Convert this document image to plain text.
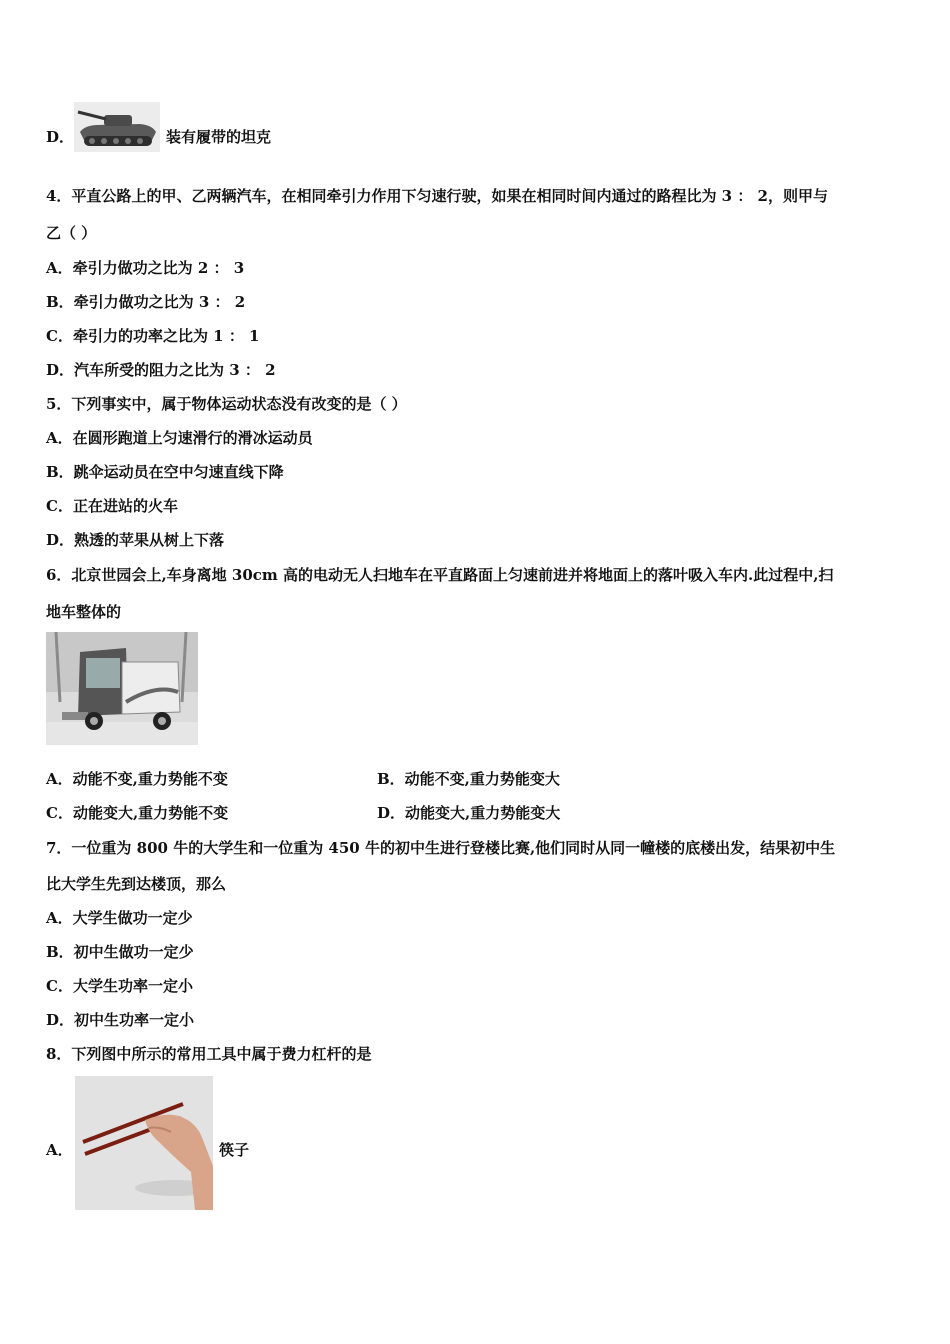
D．	装有履带的坦克
4．平直公路上的甲、乙两辆汽车，在相同牵引力作用下匀速行驶，如果在相同时间内通过的路程比为 3 ： 2，则甲与
乙（ ）
A．牵引力做功之比为 2 ： 3
B．牵引力做功之比为 3 ： 2
C．牵引力的功率之比为 1 ： 1
D．汽车所受的阻力之比为 3 ： 2
5．下列事实中，属于物体运动状态没有改变的是（ ）
A．在圆形跑道上匀速滑行的滑冰运动员
B．跳伞运动员在空中匀速直线下降
C．正在进站的火车
D．熟透的苹果从树上下落
6．北京世园会上,车身离地 30cm 高的电动无人扫地车在平直路面上匀速前进并将地面上的落叶吸入车内.此过程中,扫
地车整体的
A．动能不变,重力势能不变	B．动能不变,重力势能变大
C．动能变大,重力势能不变	D．动能变大,重力势能变大
7．一位重为 800 牛的大学生和一位重为 450 牛的初中生进行登楼比赛,他们同时从同一幢楼的底楼出发，结果初中生
比大学生先到达楼顶，那么
A．大学生做功一定少
B．初中生做功一定少
C．大学生功率一定小
D．初中生功率一定小
8．下列图中所示的常用工具中属于费力杠杆的是
A．	筷子
